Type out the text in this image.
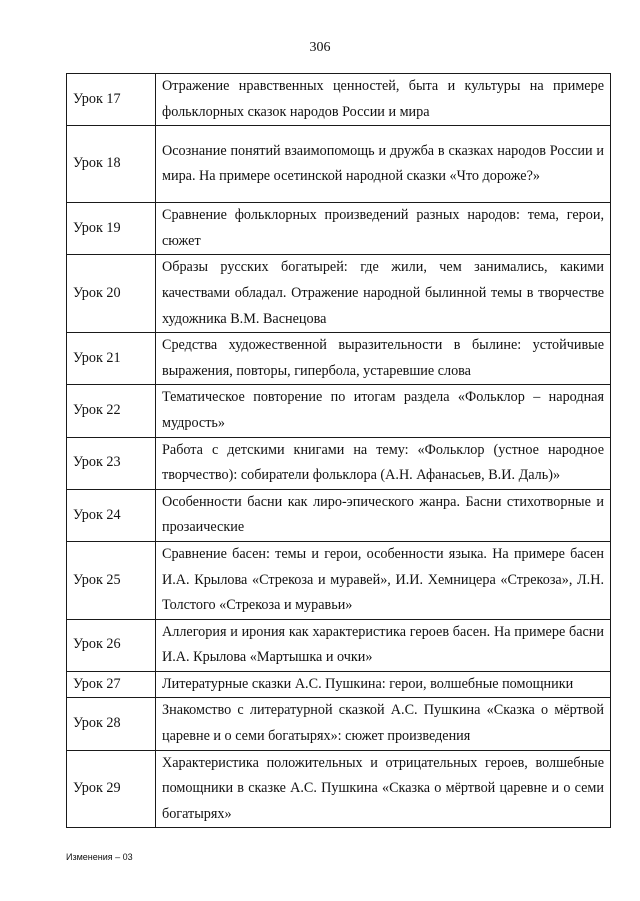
306
Урок 17	Отражение нравственных ценностей, быта и культуры на примере фольклорных сказок народов России и мира
Урок 18	Осознание понятий взаимопомощь и дружба в сказках народов России и мира. На примере осетинской народной сказки «Что дороже?»
Урок 19	Сравнение фольклорных произведений разных народов: тема, герои, сюжет
Урок 20	Образы русских богатырей: где жили, чем занимались, какими качествами обладал. Отражение народной былинной темы в творчестве художника В.М. Васнецова
Урок 21	Средства художественной выразительности в былине: устойчивые выражения, повторы, гипербола, устаревшие слова
Урок 22	Тематическое повторение по итогам раздела «Фольклор – народная мудрость»
Урок 23	Работа с детскими книгами на тему: «Фольклор (устное народное творчество): собиратели фольклора (А.Н. Афанасьев, В.И. Даль)»
Урок 24	Особенности басни как лиро-эпического жанра. Басни стихотворные и прозаические
Урок 25	Сравнение басен: темы и герои, особенности языка. На примере басен И.А. Крылова «Стрекоза и муравей», И.И. Хемницера «Стрекоза», Л.Н. Толстого «Стрекоза и муравьи»
Урок 26	Аллегория и ирония как характеристика героев басен. На примере басни И.А. Крылова «Мартышка и очки»
Урок 27	Литературные сказки А.С. Пушкина: герои, волшебные помощники
Урок 28	Знакомство с литературной сказкой А.С. Пушкина «Сказка о мёртвой царевне и о семи богатырях»: сюжет произведения
Урок 29	Характеристика положительных и отрицательных героев, волшебные помощники в сказке А.С. Пушкина «Сказка о мёртвой царевне и о семи богатырях»
Изменения – 03
